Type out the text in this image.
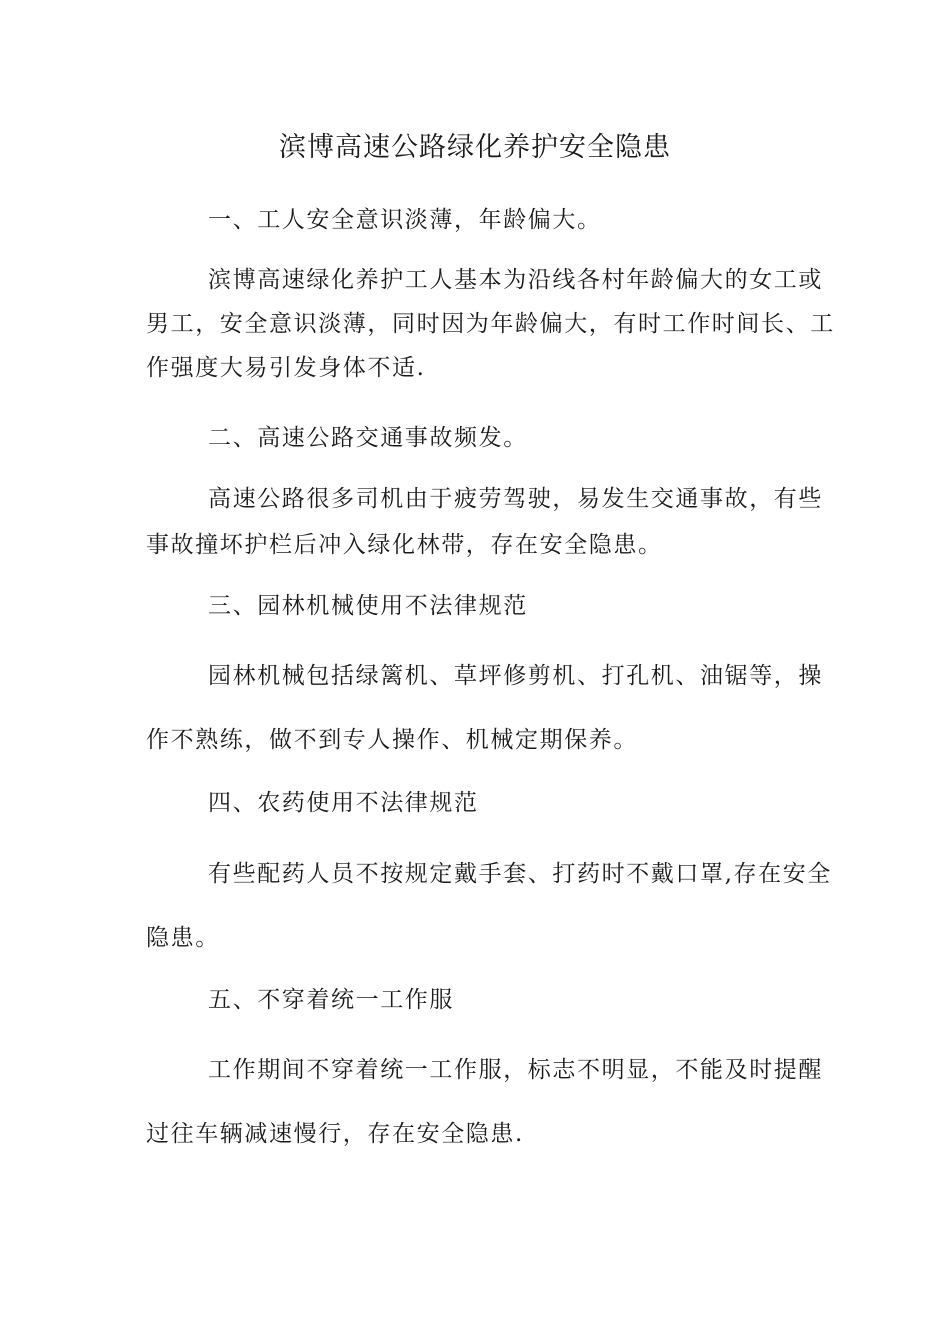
滨博高速公路绿化养护安全隐患

一、工人安全意识淡薄，年龄偏大。

滨博高速绿化养护工人基本为沿线各村年龄偏大的女工或男工，安全意识淡薄，同时因为年龄偏大，有时工作时间长、工作强度大易引发身体不适.

二、高速公路交通事故频发。

高速公路很多司机由于疲劳驾驶，易发生交通事故，有些事故撞坏护栏后冲入绿化林带，存在安全隐患。

三、园林机械使用不法律规范

园林机械包括绿篱机、草坪修剪机、打孔机、油锯等，操作不熟练，做不到专人操作、机械定期保养。

四、农药使用不法律规范

有些配药人员不按规定戴手套、打药时不戴口罩,存在安全隐患。

五、不穿着统一工作服

工作期间不穿着统一工作服，标志不明显，不能及时提醒过往车辆减速慢行，存在安全隐患.
